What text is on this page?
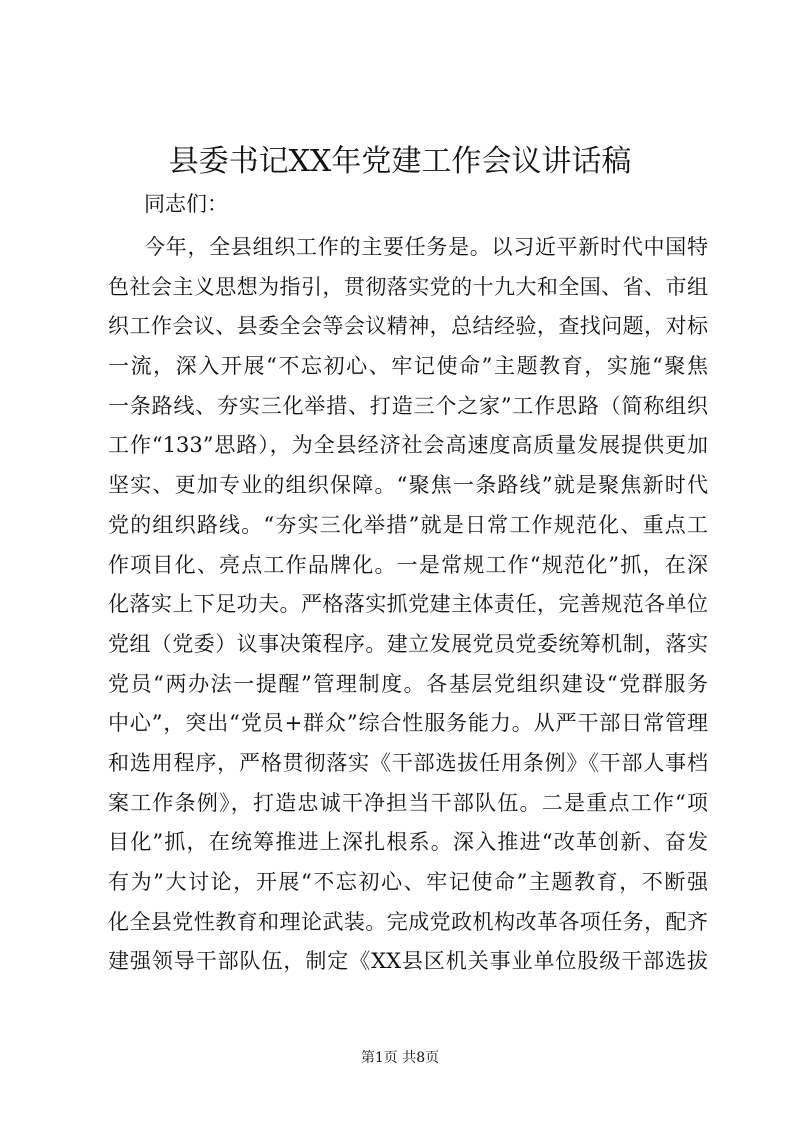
县委书记XX年党建工作会议讲话稿
同志们：
今年，全县组织工作的主要任务是。以习近平新时代中国特
色社会主义思想为指引，贯彻落实党的十九大和全国、省、市组
织工作会议、县委全会等会议精神，总结经验，查找问题，对标
一流，深入开展“不忘初心、牢记使命”主题教育，实施“聚焦
一条路线、夯实三化举措、打造三个之家”工作思路（简称组织
工作“133”思路），为全县经济社会高速度高质量发展提供更加
坚实、更加专业的组织保障。“聚焦一条路线”就是聚焦新时代
党的组织路线。“夯实三化举措”就是日常工作规范化、重点工
作项目化、亮点工作品牌化。一是常规工作“规范化”抓，在深
化落实上下足功夫。严格落实抓党建主体责任，完善规范各单位
党组（党委）议事决策程序。建立发展党员党委统筹机制，落实
党员“两办法一提醒”管理制度。各基层党组织建设“党群服务
中心”，突出“党员+群众”综合性服务能力。从严干部日常管理
和选用程序，严格贯彻落实《干部选拔任用条例》《干部人事档
案工作条例》，打造忠诚干净担当干部队伍。二是重点工作“项
目化”抓，在统筹推进上深扎根系。深入推进“改革创新、奋发
有为”大讨论，开展“不忘初心、牢记使命”主题教育，不断强
化全县党性教育和理论武装。完成党政机构改革各项任务，配齐
建强领导干部队伍，制定《XX县区机关事业单位股级干部选拔
第1页 共8页
